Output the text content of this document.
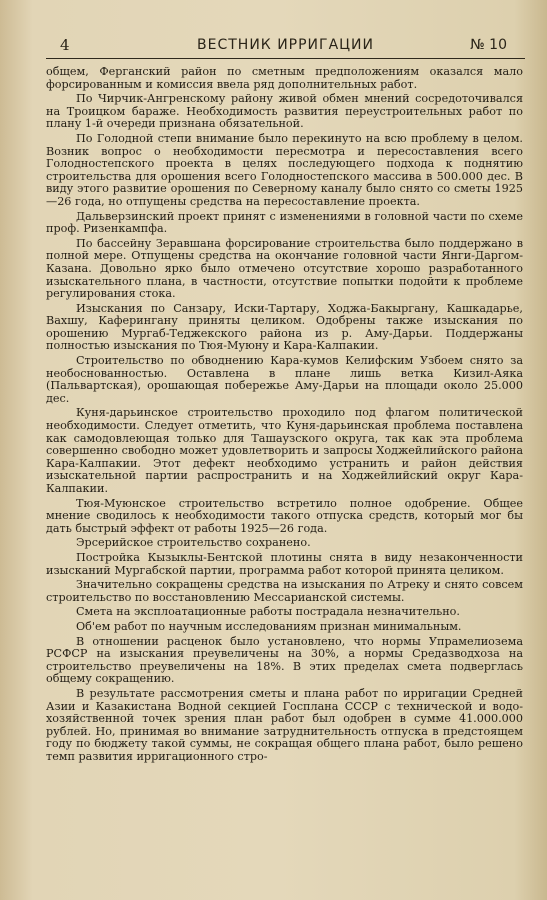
4	ВЕСТНИК ИРРИГАЦИИ	№ 10

общем, Ферганский район по сметным предположениям оказался мало форсированным и комиссия ввела ряд дополнительных работ.

По Чирчик-Ангренскому району живой обмен мнений сосредоточивался на Троицком бараже. Необходимость развития переустроительных работ по плану 1-й очереди признана обязательной.

По Голодной степи внимание было перекинуто на всю проблему в целом. Возник вопрос о необходимости пересмотра и пересоставления всего Голодностепского проекта в целях последующего подхода к поднятию строительства для орошения всего Голодностепского массива в 500.000 дес. В виду этого развитие орошения по Северному каналу было снято со сметы 1925—26 года, но отпущены средства на пересоставление проекта.

Дальверзинский проект принят с изменениями в головной части по схеме проф. Ризенкампфа.

По бассейну Зеравшана форсирование строительства было поддержано в полной мере. Отпущены средства на окончание головной части Янги-Даргом-Казана. Довольно ярко было отмечено отсутствие хорошо разработанного изыскательного плана, в частности, отсутствие попытки подойти к проблеме регулирования стока.

Изыскания по Санзару, Иски-Тартару, Ходжа-Бакыргану, Кашкадарье, Вахшу, Каферингану приняты целиком. Одобрены также изыскания по орошению Мургаб-Теджекского района из р. Аму-Дарьи. Поддержаны полностью изыскания по Тюя-Муюну и Кара-Калпакии.

Строительство по обводнению Кара-кумов Келифским Узбоем снято за необоснованностью. Оставлена в плане лишь ветка Кизил-Аяка (Пальвартская), орошающая побережье Аму-Дарьи на площади около 25.000 дес.

Куня-дарьинское строительство проходило под флагом политической необходимости. Следует отметить, что Куня-дарьинская проблема поставлена как самодовлеющая только для Ташаузского округа, так как эта проблема совершенно свободно может удовлетворить и запросы Ходжейлийского района Кара-Калпакии. Этот дефект необходимо устранить и район действия изыскательной партии распространить и на Ходжейлийский округ Кара-Калпакии.

Тюя-Муюнское строительство встретило полное одобрение. Общее мнение сводилось к необходимости такого отпуска средств, который мог бы дать быстрый эффект от работы 1925—26 года.

Эрсерийское строительство сохранено.

Постройка Кызыклы-Бентской плотины снята в виду незаконченности изысканий Мургабской партии, программа работ которой принята целиком.

Значительно сокращены средства на изыскания по Атреку и снято совсем строительство по восстановлению Мессарианской системы.

Смета на эксплоатационные работы пострадала незначительно.

Об'ем работ по научным исследованиям признан минимальным.

В отношении расценок было установлено, что нормы Упрамелиозема РСФСР на изыскания преувеличены на 30%, а нормы Средазводхоза на строительство преувеличены на 18%. В этих пределах смета подверглась общему сокращению.

В результате рассмотрения сметы и плана работ по ирригации Средней Азии и Казакистана Водной секцией Госплана СССР с технической и водо-хозяйственной точек зрения план работ был одобрен в сумме 41.000.000 рублей. Но, принимая во внимание затруднительность отпуска в предстоящем году по бюджету такой суммы, не сокращая общего плана работ, было решено темп развития ирригационного стро-
